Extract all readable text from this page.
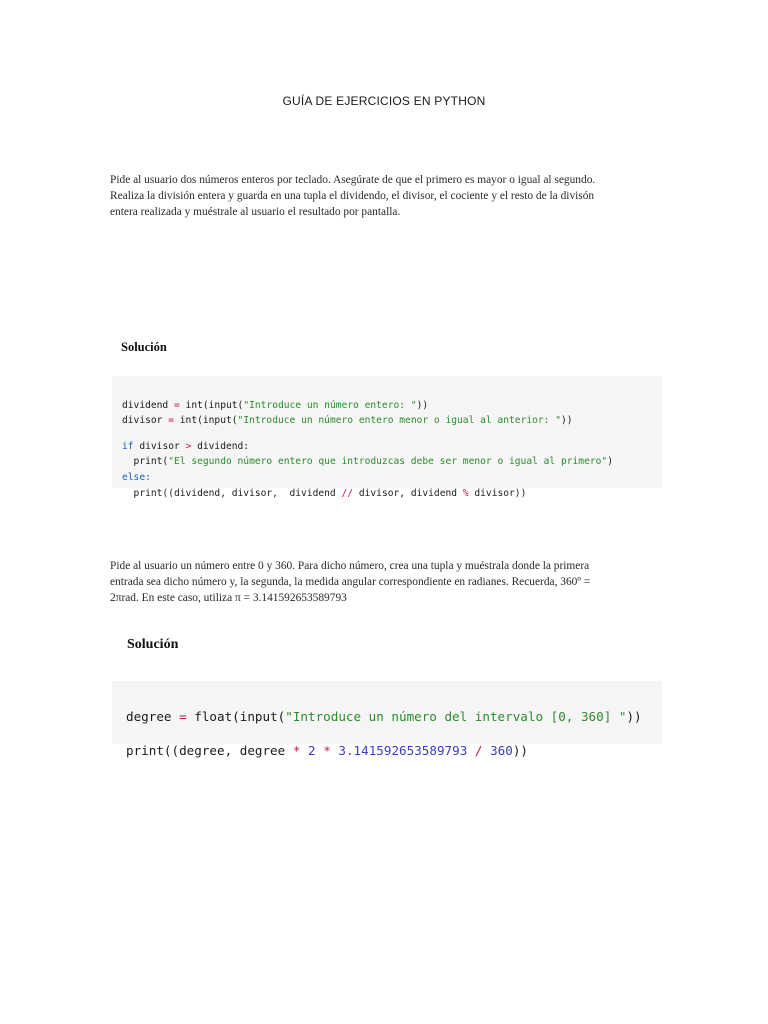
GUÍA DE EJERCICIOS EN PYTHON
Pide al usuario dos números enteros por teclado. Asegúrate de que el primero es mayor o igual al segundo.
Realiza la división entera y guarda en una tupla el dividendo, el divisor, el cociente y el resto de la divisón
entera realizada y muéstrale al usuario el resultado por pantalla.
Solución

dividend = int(input("Introduce un número entero: "))
divisor = int(input("Introduce un número entero menor o igual al anterior: "))
if divisor > dividend:
print("El segundo número entero que introduzcas debe ser menor o igual al primero")
else:
print((dividend, divisor,  dividend // divisor, dividend % divisor))

Pide al usuario un número entre 0 y 360. Para dicho número, crea una tupla y muéstrala donde la primera
entrada sea dicho número y, la segunda, la medida angular correspondiente en radianes. Recuerda, 360º =
2πrad. En este caso, utiliza π = 3.141592653589793
Solución

degree = float(input("Introduce un número del intervalo [0, 360] "))
print((degree, degree * 2 * 3.141592653589793 / 360))
